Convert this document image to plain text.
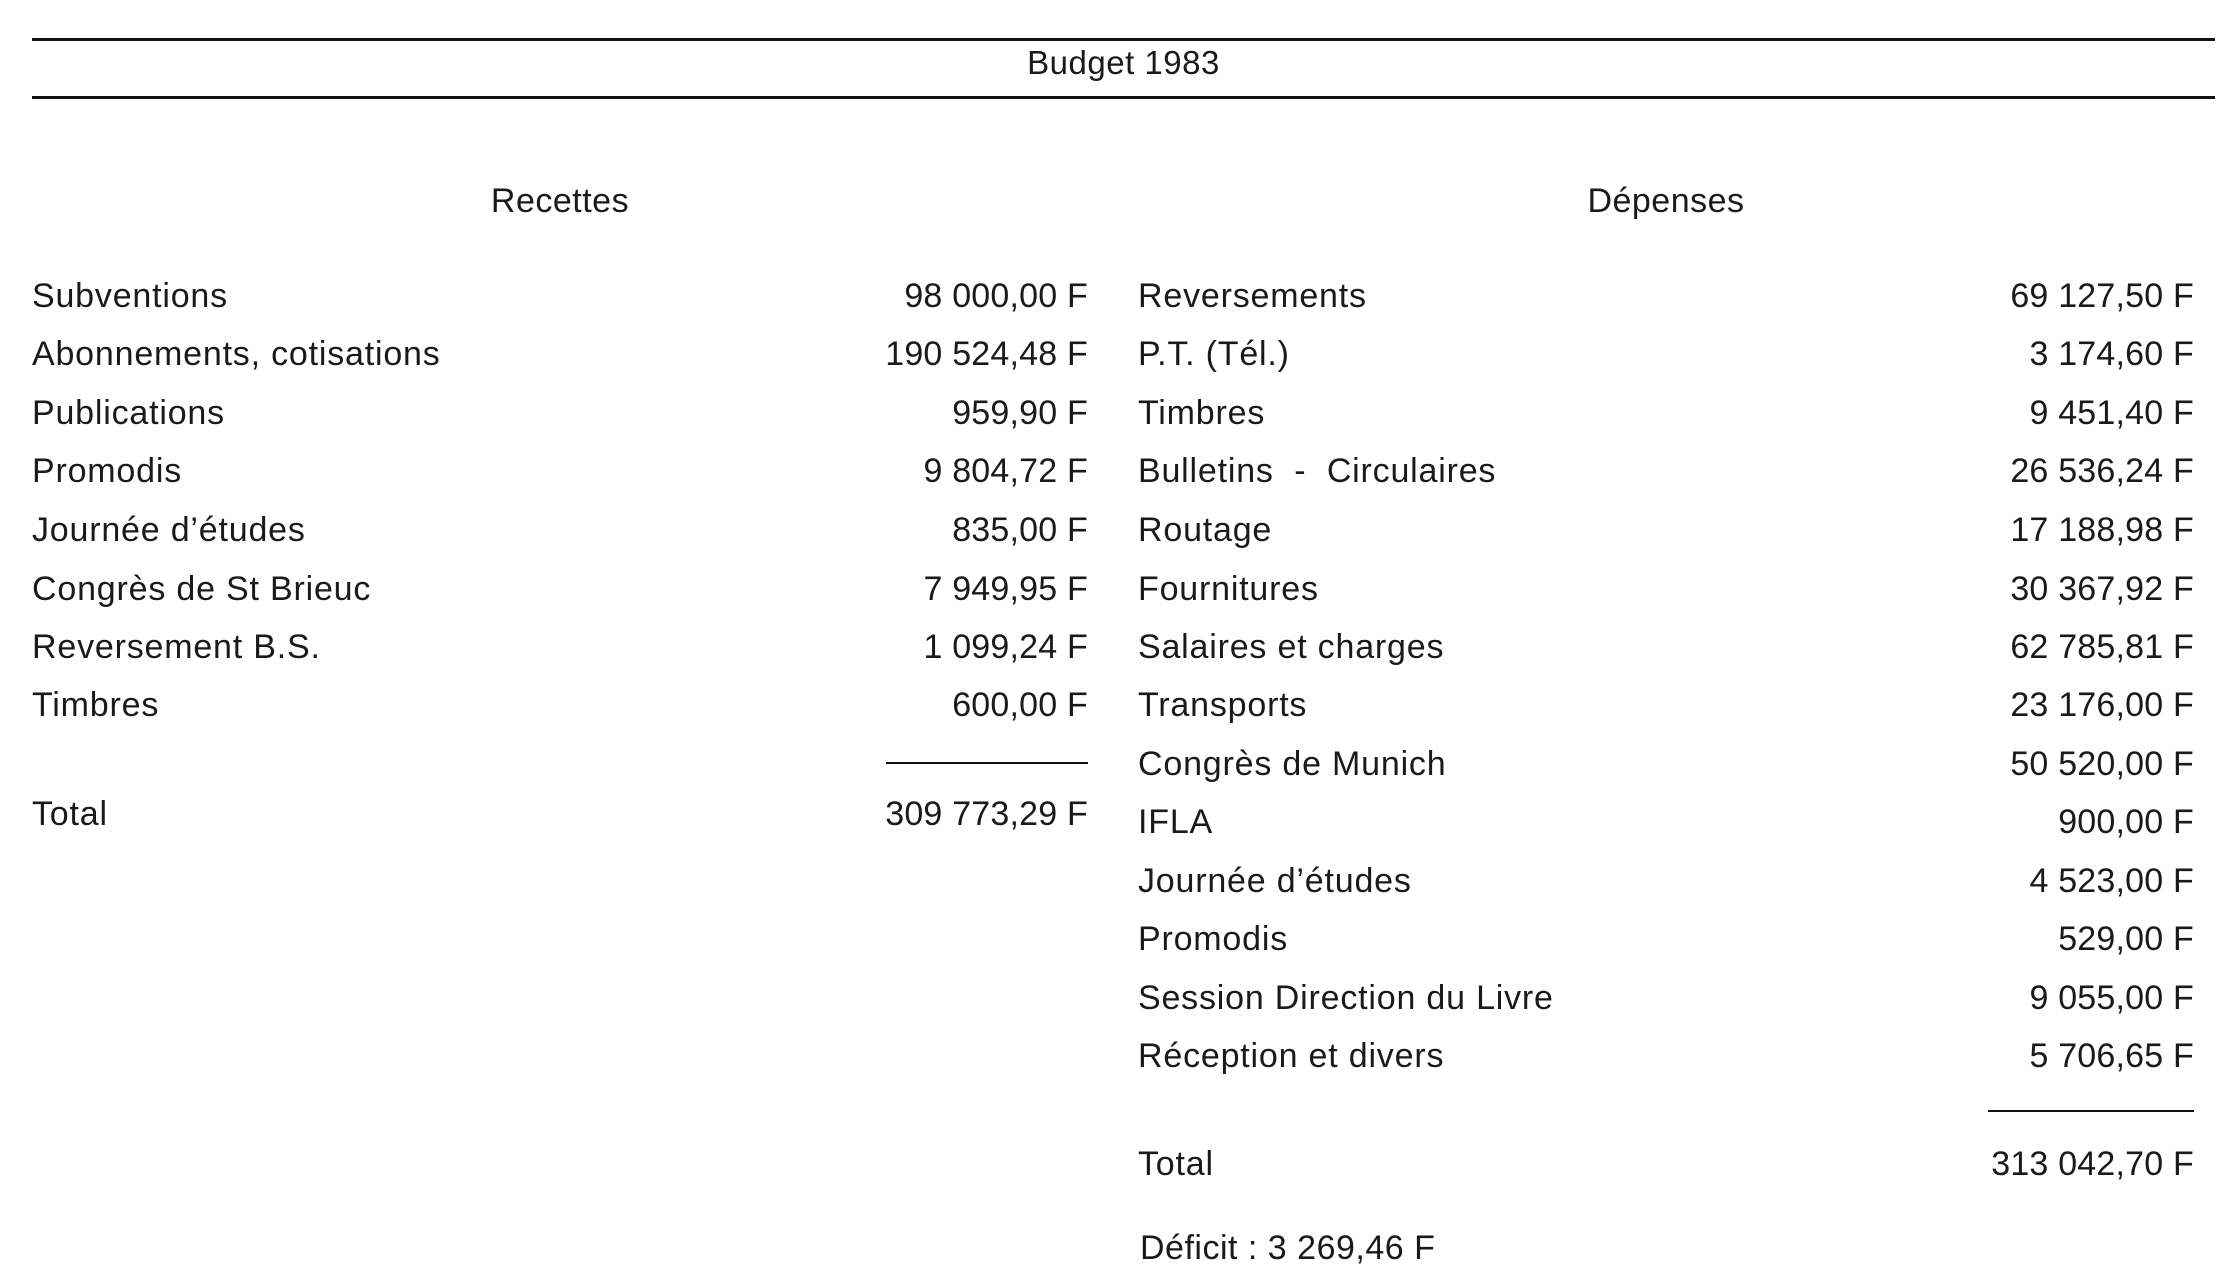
Budget 1983
Recettes	Dépenses
Subventions	98 000,00 F
Abonnements, cotisations	190 524,48 F
Publications	959,90 F
Promodis	9 804,72 F
Journée d’études	835,00 F
Congrès de St Brieuc	7 949,95 F
Reversement B.S.	1 099,24 F
Timbres	600,00 F
Total	309 773,29 F
Reversements	69 127,50 F
P.T. (Tél.)	3 174,60 F
Timbres	9 451,40 F
Bulletins  -  Circulaires	26 536,24 F
Routage	17 188,98 F
Fournitures	30 367,92 F
Salaires et charges	62 785,81 F
Transports	23 176,00 F
Congrès de Munich	50 520,00 F
IFLA	900,00 F
Journée d’études	4 523,00 F
Promodis	529,00 F
Session Direction du Livre	9 055,00 F
Réception et divers	5 706,65 F
Total	313 042,70 F
Déficit : 3 269,46 F
